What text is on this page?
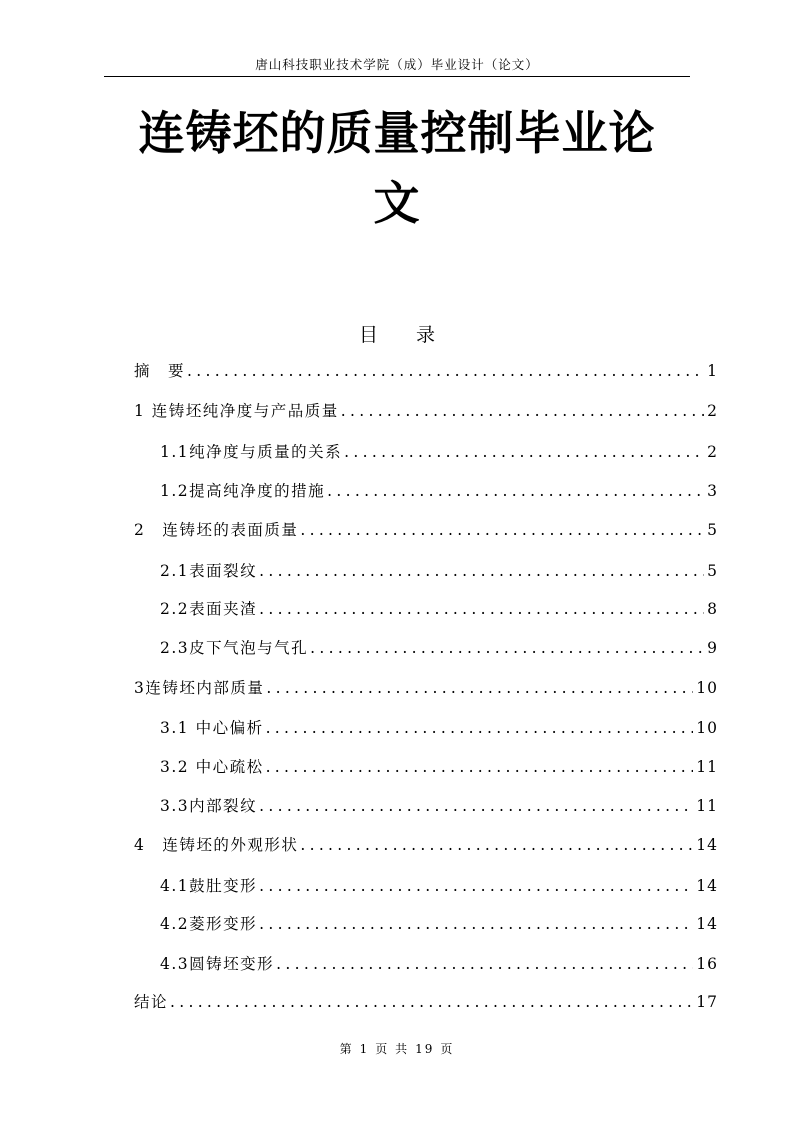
唐山科技职业技术学院（成）毕业设计（论文）
连铸坯的质量控制毕业论
文
目 录
摘　要 .....	1
1 连铸坯纯净度与产品质量 .....	2
1.1纯净度与质量的关系 .....	2
1.2提高纯净度的措施 .....	3
2　连铸坯的表面质量 .....	5
2.1表面裂纹 .....	5
2.2表面夹渣 .....	8
2.3皮下气泡与气孔 .....	9
3连铸坯内部质量 .....	10
3.1 中心偏析 .....	10
3.2 中心疏松 .....	11
3.3内部裂纹 .....	11
4　连铸坯的外观形状 .....	14
4.1鼓肚变形 .....	14
4.2菱形变形 .....	14
4.3圆铸坯变形 .....	16
结论 .....	17
第 1 页 共 19 页
